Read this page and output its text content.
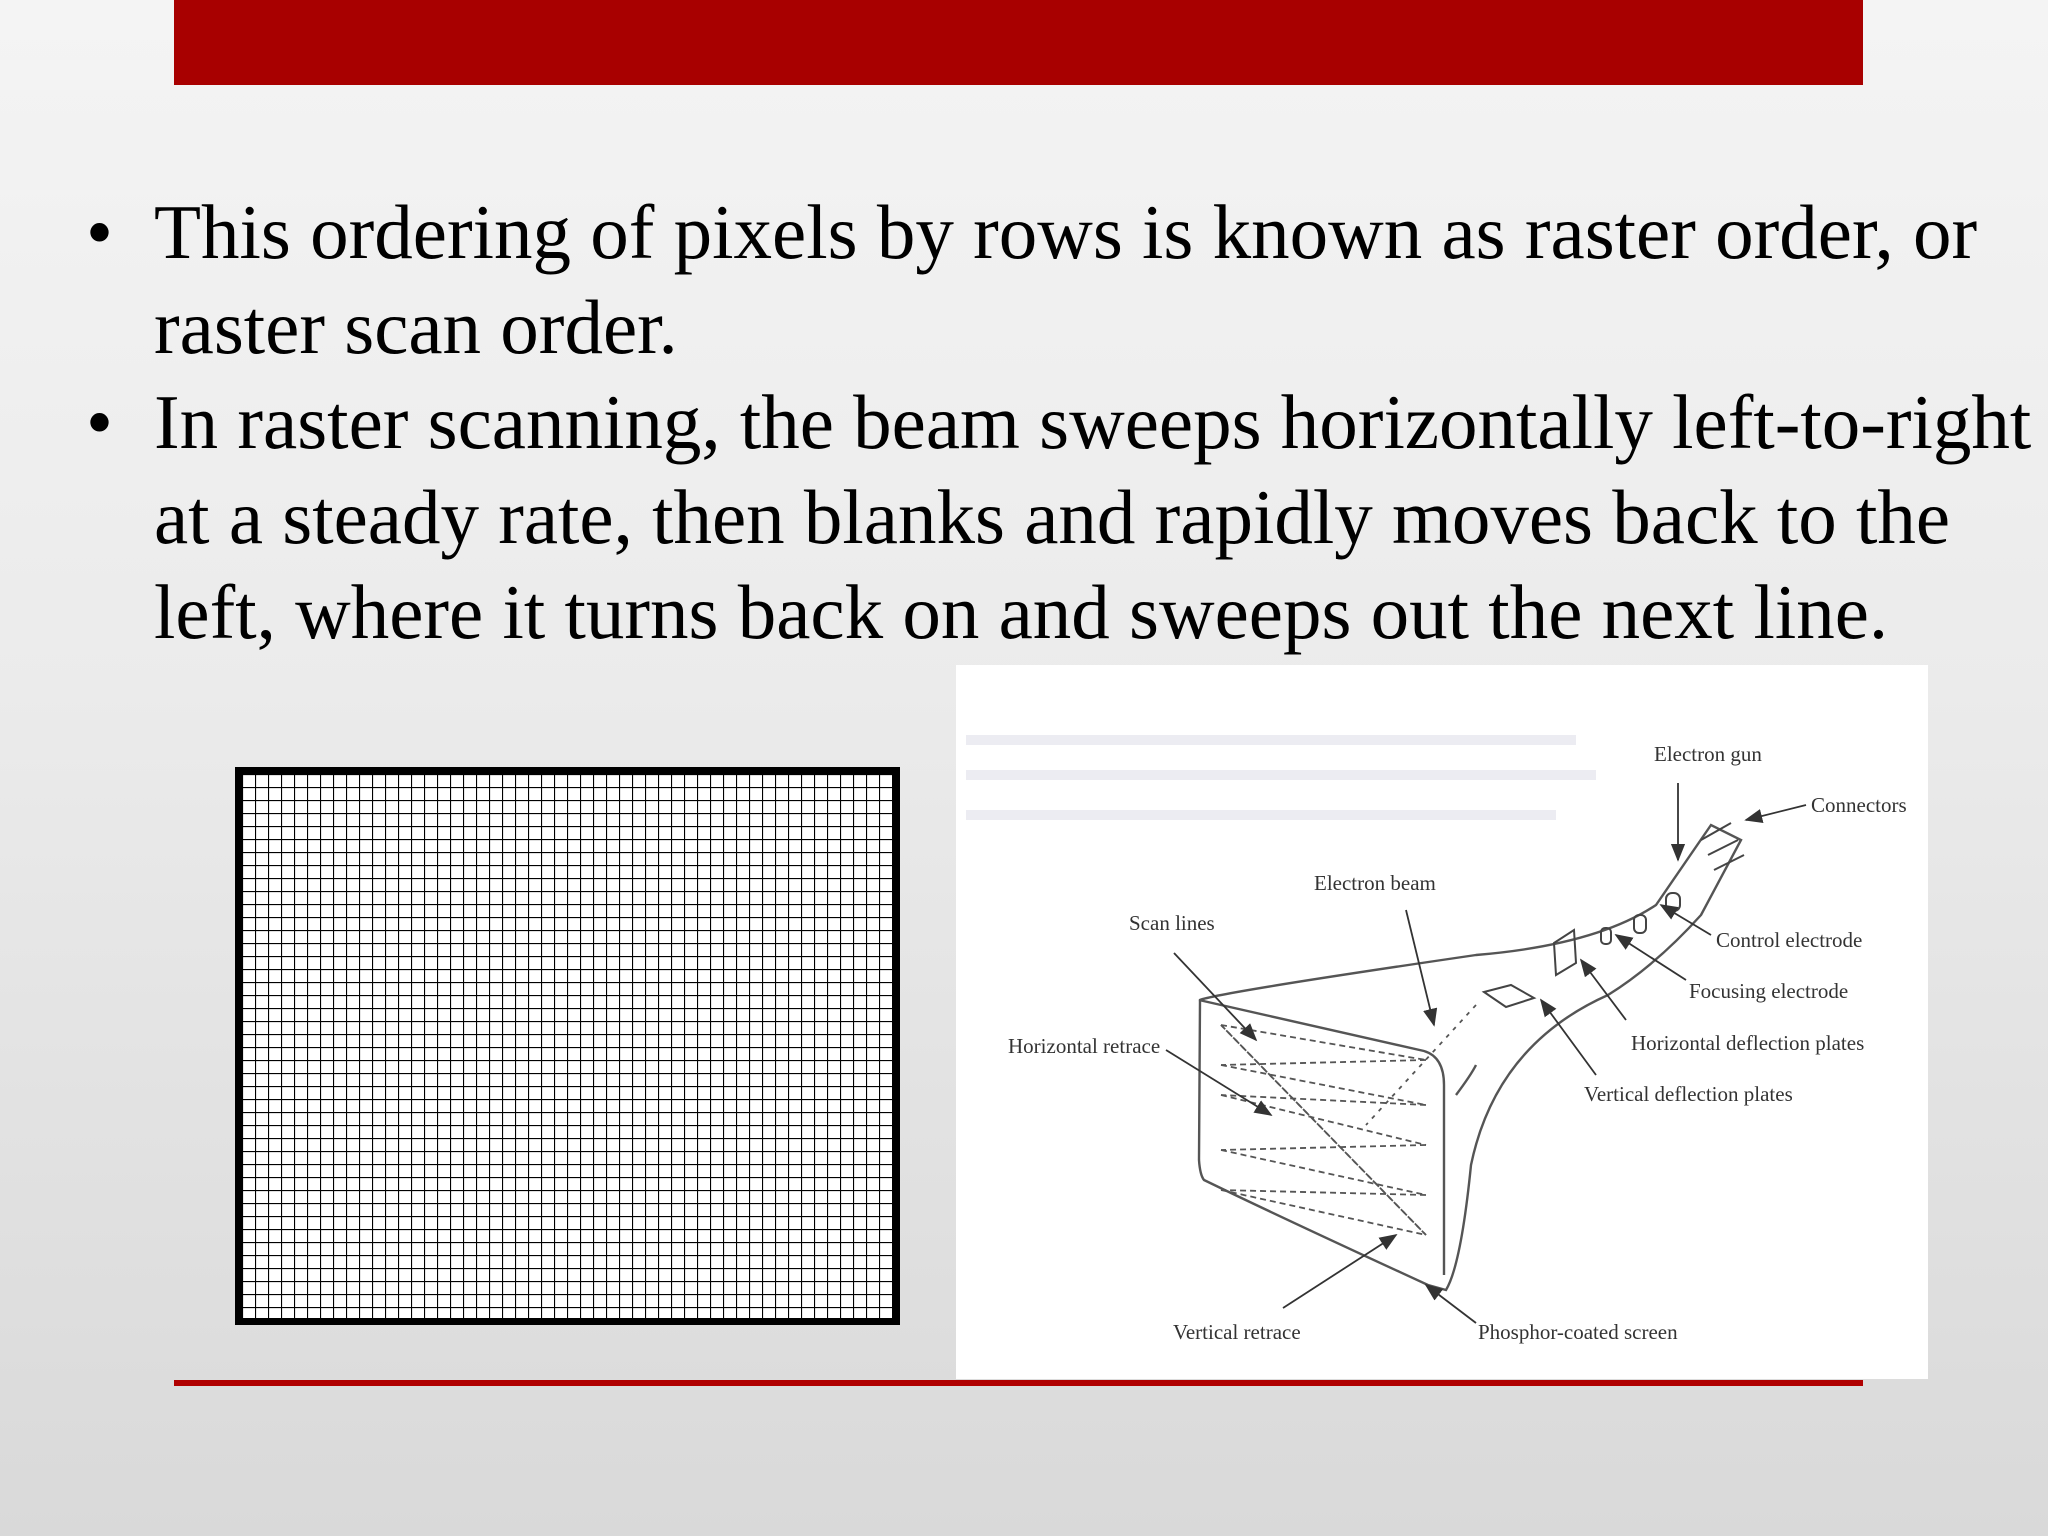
• This ordering of pixels by rows is known as raster order, or raster scan order.
• In raster scanning, the beam sweeps horizontally left-to-right at a steady rate, then blanks and rapidly moves back to the left, where it turns back on and sweeps out the next line.
Electron gun
Connectors
Electron beam
Scan lines
Control electrode
Focusing electrode
Horizontal retrace	Horizontal deflection plates
Vertical deflection plates
Vertical retrace	Phosphor-coated screen
